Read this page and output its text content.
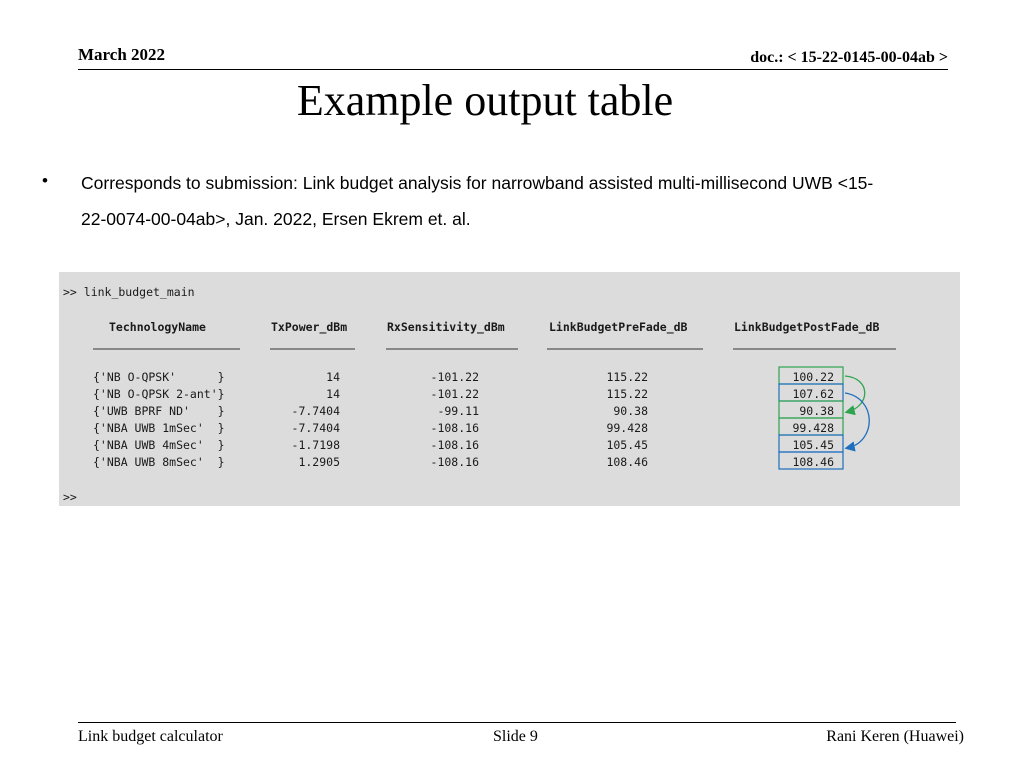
March 2022	doc.: < 15-22-0145-00-04ab >
Example output table
• Corresponds to submission: Link budget analysis for narrowband assisted multi-millisecond UWB <15-
22-0074-00-04ab>, Jan. 2022, Ersen Ekrem et. al.
>> link_budget_main
TechnologyName	TxPower_dBm	RxSensitivity_dBm	LinkBudgetPreFade_dB	LinkBudgetPostFade_dB
{'NB O-QPSK'      }	14	-101.22	115.22	100.22
{'NB O-QPSK 2-ant'}	14	-101.22	115.22	107.62
{'UWB BPRF ND'    }	-7.7404	-99.11	90.38	90.38
{'NBA UWB 1mSec'  }	-7.7404	-108.16	99.428	99.428
{'NBA UWB 4mSec'  }	-1.7198	-108.16	105.45	105.45
{'NBA UWB 8mSec'  }	1.2905	-108.16	108.46	108.46
>>
Link budget calculator	Slide 9	Rani Keren (Huawei)
